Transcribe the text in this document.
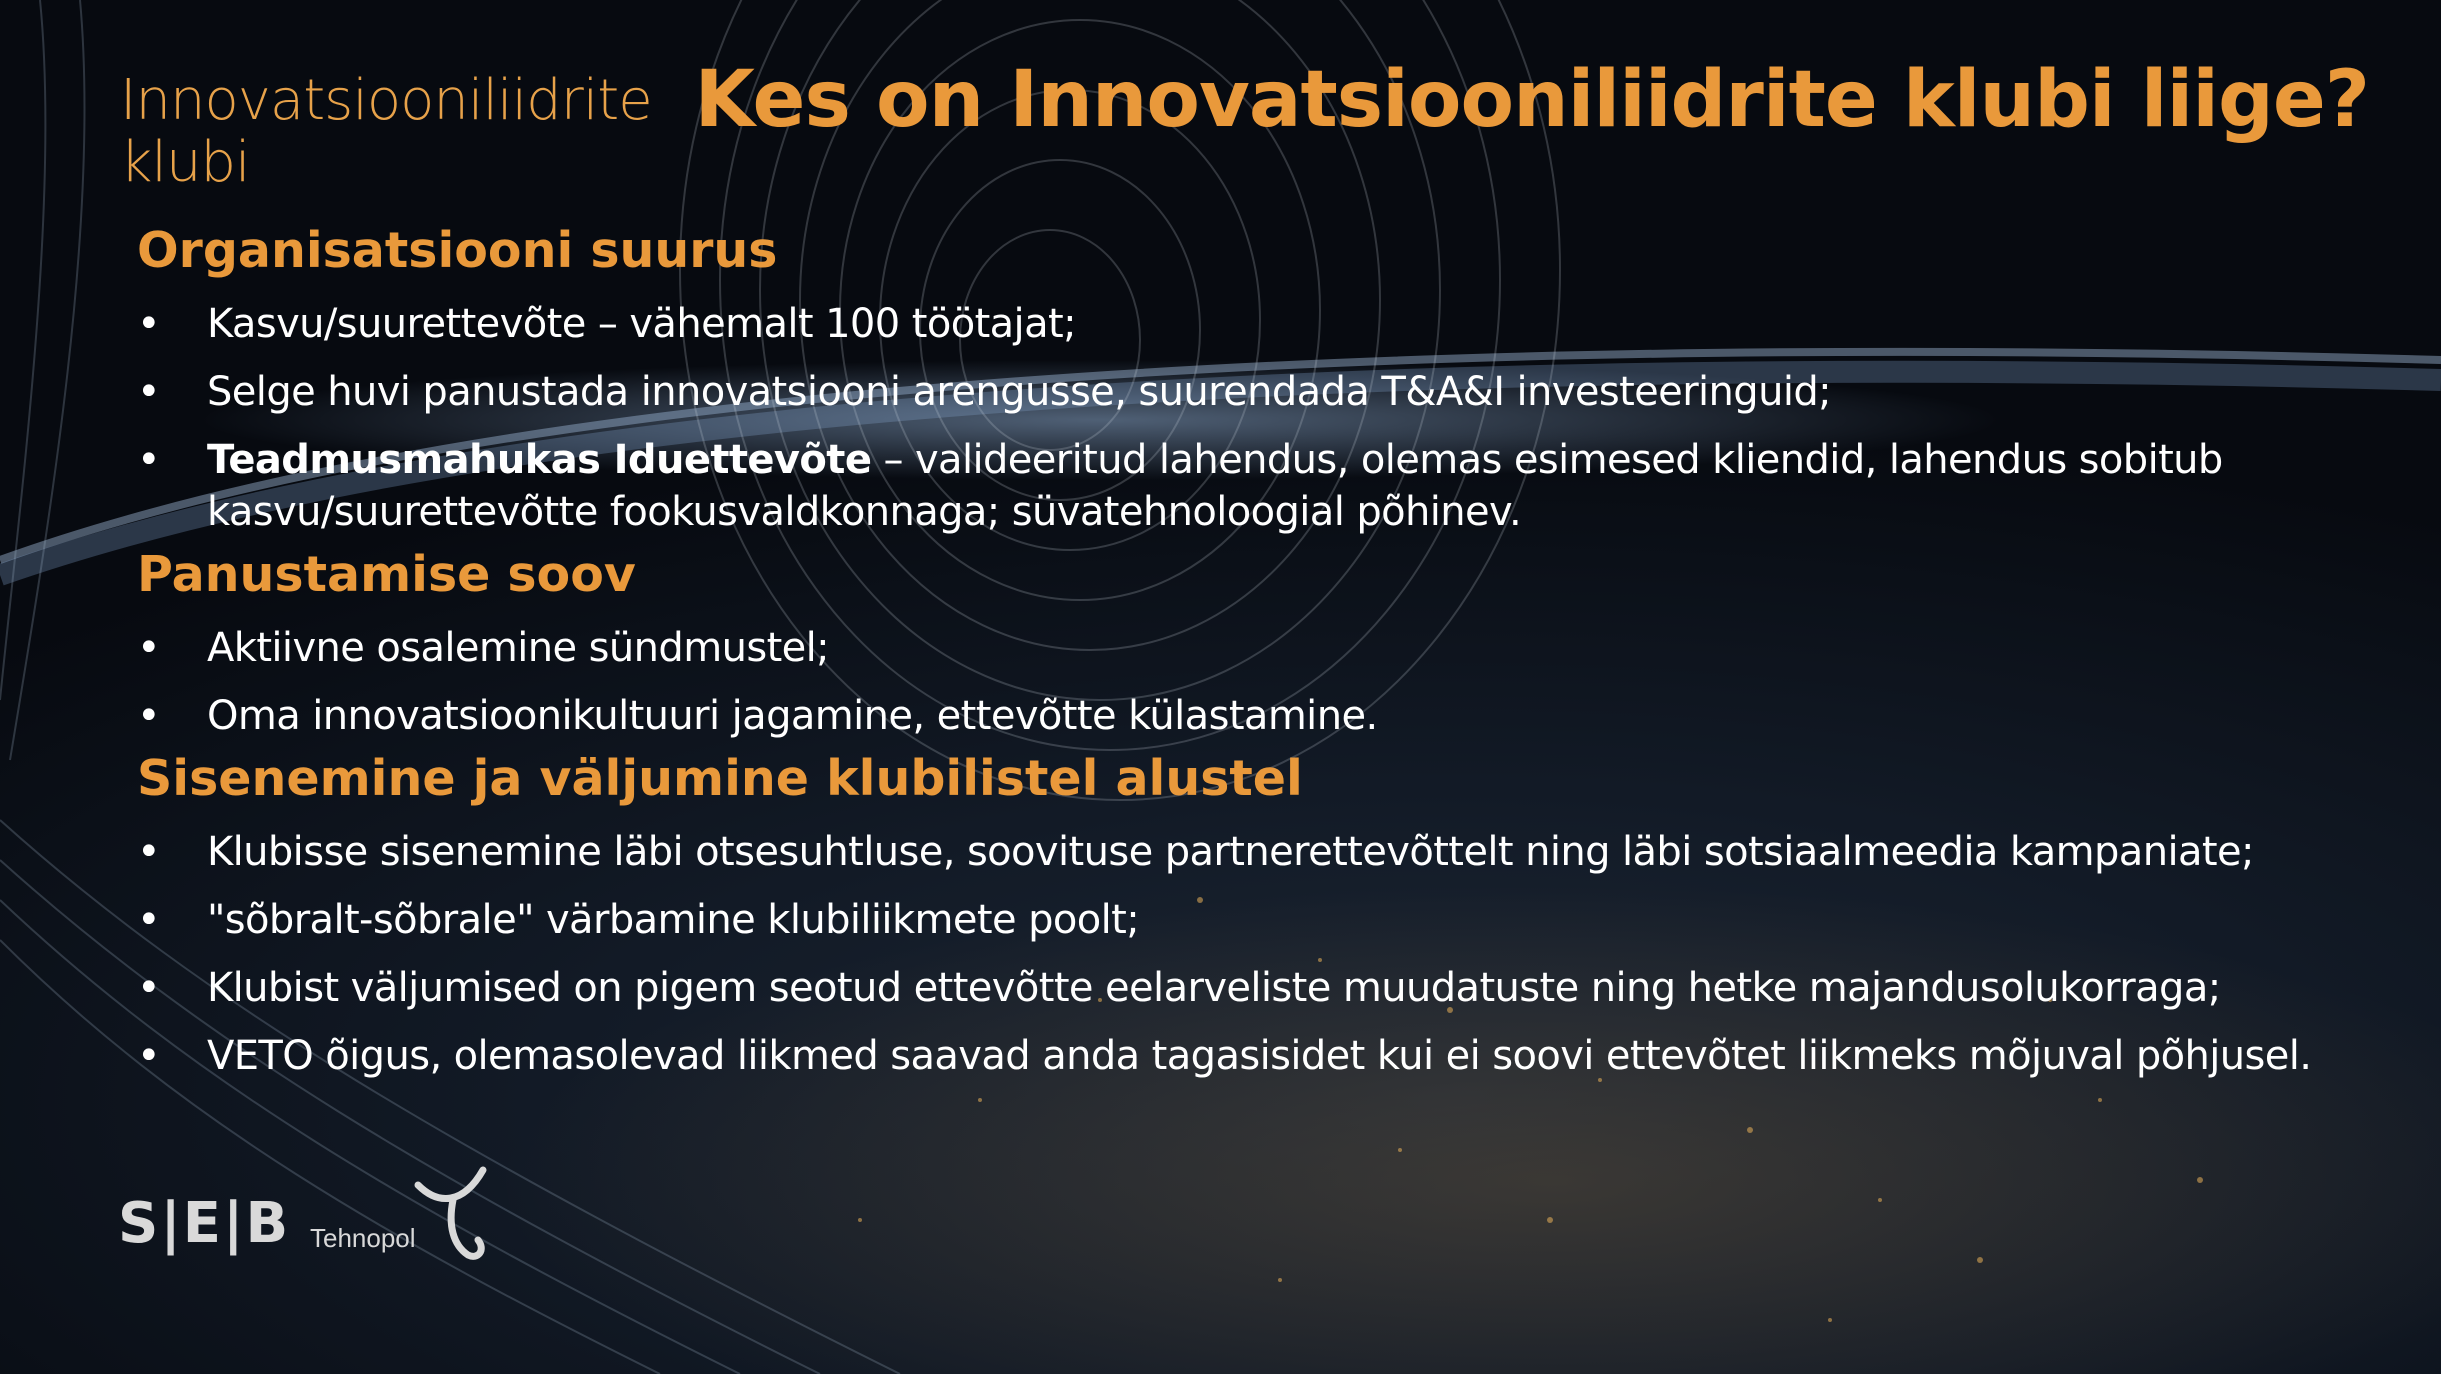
Innovatsiooniliidrite
klubi
Kes on Innovatsiooniliidrite klubi liige?
Organisatsiooni suurus
•	Kasvu/suurettevõte – vähemalt 100 töötajat;
•	Selge huvi panustada innovatsiooni arengusse, suurendada T&A&I investeeringuid;
•	Teadmusmahukas Iduettevõte – valideeritud lahendus, olemas esimesed kliendid, lahendus sobitub kasvu/suurettevõtte fookusvaldkonnaga; süvatehnoloogial põhinev.
Panustamise soov
•	Aktiivne osalemine sündmustel;
•	Oma innovatsioonikultuuri jagamine, ettevõtte külastamine.
Sisenemine ja väljumine klubilistel alustel
•	Klubisse sisenemine läbi otsesuhtluse, soovituse partnerettevõttelt ning läbi sotsiaalmeedia kampaniate;
•	"sõbralt-sõbrale" värbamine klubiliikmete poolt;
•	Klubist väljumised on pigem seotud ettevõtte eelarveliste muudatuste ning hetke majandusolukorraga;
•	VETO õigus, olemasolevad liikmed saavad anda tagasisidet kui ei soovi ettevõtet liikmeks mõjuval põhjusel.
S|E|B Tehnopol
